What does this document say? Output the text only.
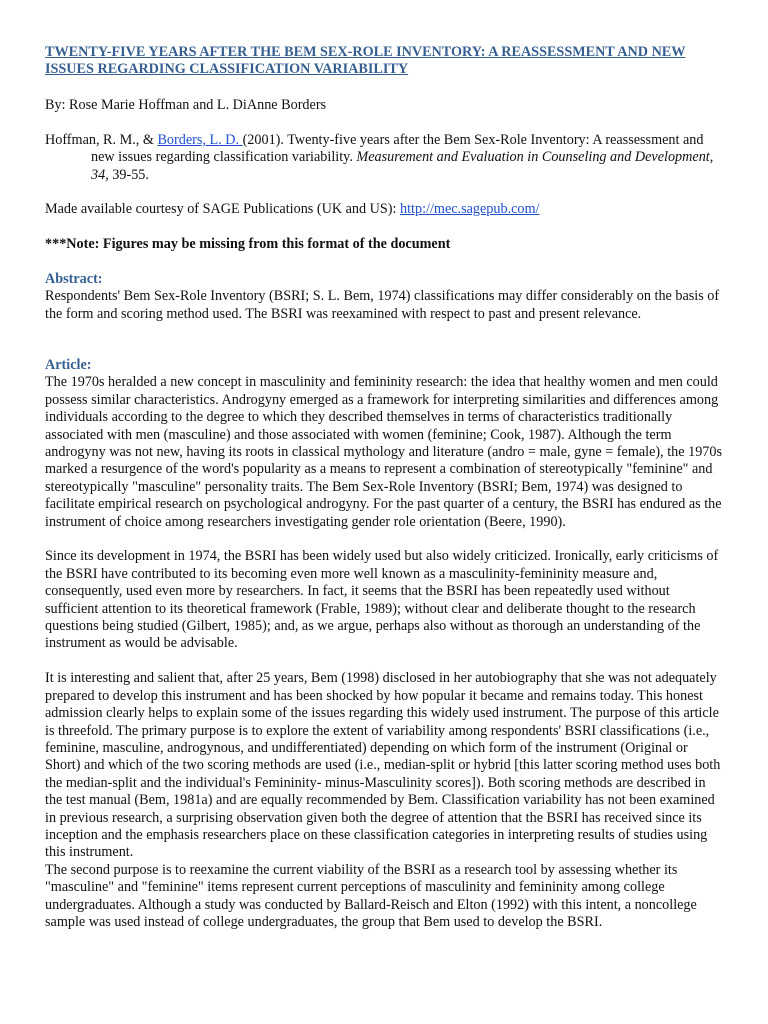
TWENTY-FIVE YEARS AFTER THE BEM SEX-ROLE INVENTORY: A REASSESSMENT AND NEW ISSUES REGARDING CLASSIFICATION VARIABILITY

By: Rose Marie Hoffman and L. DiAnne Borders

Hoffman, R. M., & Borders, L. D. (2001). Twenty-five years after the Bem Sex-Role Inventory: A reassessment and new issues regarding classification variability. Measurement and Evaluation in Counseling and Development, 34, 39-55.

Made available courtesy of SAGE Publications (UK and US): http://mec.sagepub.com/

***Note: Figures may be missing from this format of the document

Abstract:

Respondents' Bem Sex-Role Inventory (BSRI; S. L. Bem, 1974) classifications may differ considerably on the basis of the form and scoring method used. The BSRI was reexamined with respect to past and present relevance.

Article:

The 1970s heralded a new concept in masculinity and femininity research: the idea that healthy women and men could possess similar characteristics. Androgyny emerged as a framework for interpreting similarities and differences among individuals according to the degree to which they described themselves in terms of characteristics traditionally associated with men (masculine) and those associated with women (feminine; Cook, 1987). Although the term androgyny was not new, having its roots in classical mythology and literature (andro = male, gyne = female), the 1970s marked a resurgence of the word's popularity as a means to represent a combination of stereotypically "feminine" and stereotypically "masculine" personality traits. The Bem Sex-Role Inventory (BSRI; Bem, 1974) was designed to facilitate empirical research on psychological androgyny. For the past quarter of a century, the BSRI has endured as the instrument of choice among researchers investigating gender role orientation (Beere, 1990).

Since its development in 1974, the BSRI has been widely used but also widely criticized. Ironically, early criticisms of the BSRI have contributed to its becoming even more well known as a masculinity-femininity measure and, consequently, used even more by researchers. In fact, it seems that the BSRI has been repeatedly used without sufficient attention to its theoretical framework (Frable, 1989); without clear and deliberate thought to the research questions being studied (Gilbert, 1985); and, as we argue, perhaps also without as thorough an understanding of the instrument as would be advisable.

It is interesting and salient that, after 25 years, Bem (1998) disclosed in her autobiography that she was not adequately prepared to develop this instrument and has been shocked by how popular it became and remains today. This honest admission clearly helps to explain some of the issues regarding this widely used instrument. The purpose of this article is threefold. The primary purpose is to explore the extent of variability among respondents' BSRI classifications (i.e., feminine, masculine, androgynous, and undifferentiated) depending on which form of the instrument (Original or Short) and which of the two scoring methods are used (i.e., median-split or hybrid [this latter scoring method uses both the median-split and the individual's Femininity- minus-Masculinity scores]). Both scoring methods are described in the test manual (Bem, 1981a) and are equally recommended by Bem. Classification variability has not been examined in previous research, a surprising observation given both the degree of attention that the BSRI has received since its inception and the emphasis researchers place on these classification categories in interpreting results of studies using this instrument.

The second purpose is to reexamine the current viability of the BSRI as a research tool by assessing whether its "masculine" and "feminine" items represent current perceptions of masculinity and femininity among college undergraduates. Although a study was conducted by Ballard-Reisch and Elton (1992) with this intent, a noncollege sample was used instead of college undergraduates, the group that Bem used to develop the BSRI.
